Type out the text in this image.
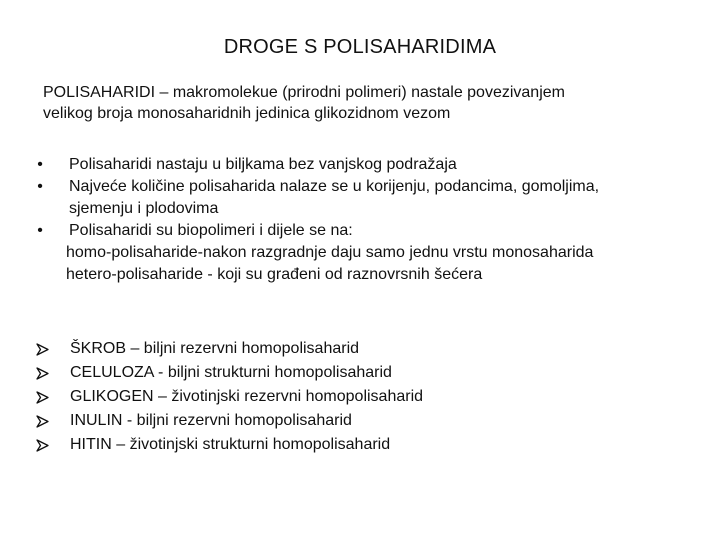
DROGE S POLISAHARIDIMA

POLISAHARIDI – makromolekue (prirodni polimeri) nastale povezivanjem

velikog broja monosaharidnih jedinica glikozidnom vezom

•	Polisaharidi nastaju u biljkama bez vanjskog podražaja
•	Najveće količine polisaharida nalaze se u korijenju, podancima, gomoljima,
sjemenju i plodovima
•	Polisaharidi su biopolimeri i dijele se na:
homo-polisaharide-nakon razgradnje daju samo jednu vrstu monosaharida
hetero-polisaharide - koji su građeni od raznovrsnih šećera
ŠKROB – biljni rezervni homopolisaharid
CELULOZA - biljni strukturni homopolisaharid
GLIKOGEN – životinjski rezervni homopolisaharid
INULIN - biljni rezervni homopolisaharid
HITIN – životinjski strukturni homopolisaharid
